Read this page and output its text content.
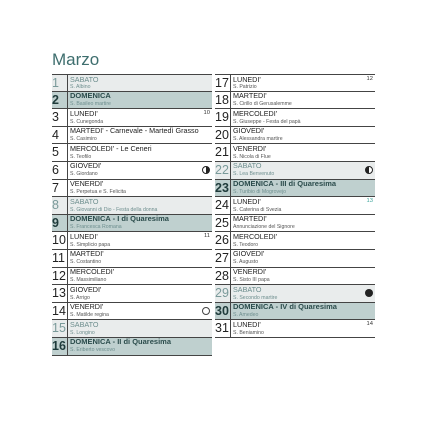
Marzo
1	SABATO
S. Albino
2	DOMENICA
S. Basileo martire
3	LUNEDI'
S. Cunegonda
10
4	MARTEDI' - Carnevale - Martedì Grasso
S. Casimiro
5	MERCOLEDI' - Le Ceneri
S. Teofilo
6	GIOVEDI'
S. Giordano
7	VENERDI'
S. Perpetua e S. Felicita
8	SABATO
S. Giovanni di Dio - Festa della donna
9	DOMENICA - I di Quaresima
S. Francesca Romana
10 LUNEDI'
S. Simplicio papa
11
11 MARTEDI'
S. Costantino
12 MERCOLEDI'
S. Massimiliano
13 GIOVEDI'
S. Arrigo
14 VENERDI'
S. Matilde regina
15 SABATO
S. Longino
16 DOMENICA - II di Quaresima
S. Eriberto vescovo
17 LUNEDI'
S. Patrizio
12
18 MARTEDI'
S. Cirillo di Gerusalemme
19 MERCOLEDI'
S. Giuseppe - Festa del papà
20 GIOVEDI'
S. Alessandra martire
21 VENERDI'
S. Nicola di Flue
22 SABATO
S. Lea Benvenuto
23 DOMENICA - III di Quaresima
S. Turibio di Mogrovejo
24 LUNEDI'
S. Caterina di Svezia
13
25 MARTEDI'
Annunciazione del Signore
26 MERCOLEDI'
S. Teodoro
27 GIOVEDI'
S. Augusto
28 VENERDI'
S. Sisto III papa
29 SABATO
S. Secondo martire
30 DOMENICA - IV di Quaresima
S. Amedeo
31 LUNEDI'
S. Beniamino
14
